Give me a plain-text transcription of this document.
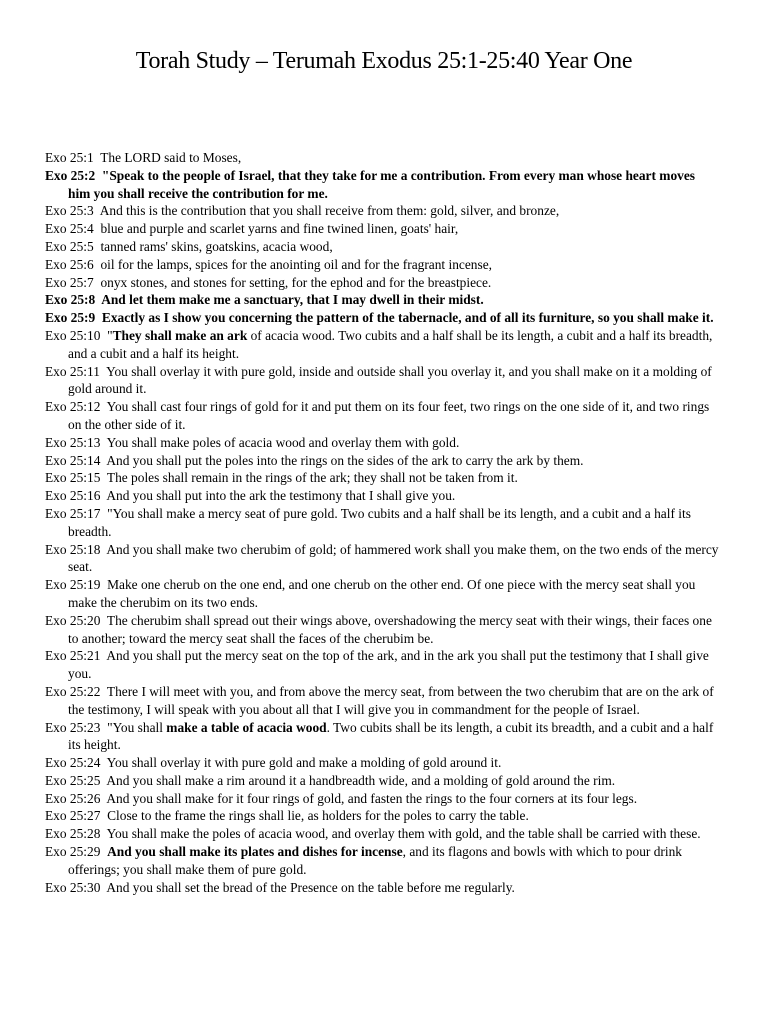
Torah Study – Terumah Exodus 25:1-25:40 Year One
Exo 25:1 The LORD said to Moses,
Exo 25:2 "Speak to the people of Israel, that they take for me a contribution. From every man whose heart moves him you shall receive the contribution for me.
Exo 25:3 And this is the contribution that you shall receive from them: gold, silver, and bronze,
Exo 25:4 blue and purple and scarlet yarns and fine twined linen, goats' hair,
Exo 25:5 tanned rams' skins, goatskins, acacia wood,
Exo 25:6 oil for the lamps, spices for the anointing oil and for the fragrant incense,
Exo 25:7 onyx stones, and stones for setting, for the ephod and for the breastpiece.
Exo 25:8 And let them make me a sanctuary, that I may dwell in their midst.
Exo 25:9 Exactly as I show you concerning the pattern of the tabernacle, and of all its furniture, so you shall make it.
Exo 25:10 "They shall make an ark of acacia wood. Two cubits and a half shall be its length, a cubit and a half its breadth, and a cubit and a half its height.
Exo 25:11 You shall overlay it with pure gold, inside and outside shall you overlay it, and you shall make on it a molding of gold around it.
Exo 25:12 You shall cast four rings of gold for it and put them on its four feet, two rings on the one side of it, and two rings on the other side of it.
Exo 25:13 You shall make poles of acacia wood and overlay them with gold.
Exo 25:14 And you shall put the poles into the rings on the sides of the ark to carry the ark by them.
Exo 25:15 The poles shall remain in the rings of the ark; they shall not be taken from it.
Exo 25:16 And you shall put into the ark the testimony that I shall give you.
Exo 25:17 "You shall make a mercy seat of pure gold. Two cubits and a half shall be its length, and a cubit and a half its breadth.
Exo 25:18 And you shall make two cherubim of gold; of hammered work shall you make them, on the two ends of the mercy seat.
Exo 25:19 Make one cherub on the one end, and one cherub on the other end. Of one piece with the mercy seat shall you make the cherubim on its two ends.
Exo 25:20 The cherubim shall spread out their wings above, overshadowing the mercy seat with their wings, their faces one to another; toward the mercy seat shall the faces of the cherubim be.
Exo 25:21 And you shall put the mercy seat on the top of the ark, and in the ark you shall put the testimony that I shall give you.
Exo 25:22 There I will meet with you, and from above the mercy seat, from between the two cherubim that are on the ark of the testimony, I will speak with you about all that I will give you in commandment for the people of Israel.
Exo 25:23 "You shall make a table of acacia wood. Two cubits shall be its length, a cubit its breadth, and a cubit and a half its height.
Exo 25:24 You shall overlay it with pure gold and make a molding of gold around it.
Exo 25:25 And you shall make a rim around it a handbreadth wide, and a molding of gold around the rim.
Exo 25:26 And you shall make for it four rings of gold, and fasten the rings to the four corners at its four legs.
Exo 25:27 Close to the frame the rings shall lie, as holders for the poles to carry the table.
Exo 25:28 You shall make the poles of acacia wood, and overlay them with gold, and the table shall be carried with these.
Exo 25:29 And you shall make its plates and dishes for incense, and its flagons and bowls with which to pour drink offerings; you shall make them of pure gold.
Exo 25:30 And you shall set the bread of the Presence on the table before me regularly.
